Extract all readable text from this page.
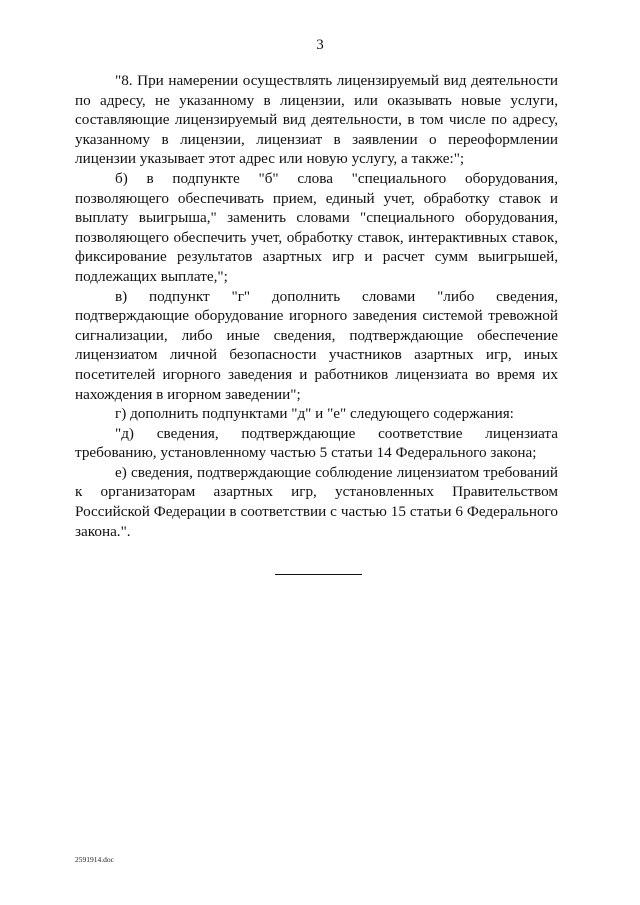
3

"8. При намерении осуществлять лицензируемый вид деятельности по адресу, не указанному в лицензии, или оказывать новые услуги, составляющие лицензируемый вид деятельности, в том числе по адресу, указанному в лицензии, лицензиат в заявлении о переоформлении лицензии указывает этот адрес или новую услугу, а также:";

б) в подпункте "б" слова "специального оборудования, позволяющего обеспечивать прием, единый учет, обработку ставок и выплату выигрыша," заменить словами "специального оборудования, позволяющего обеспечить учет, обработку ставок, интерактивных ставок, фиксирование результатов азартных игр и расчет сумм выигрышей, подлежащих выплате,";

в) подпункт "г" дополнить словами "либо сведения, подтверждающие оборудование игорного заведения системой тревожной сигнализации, либо иные сведения, подтверждающие обеспечение лицензиатом личной безопасности участников азартных игр, иных посетителей игорного заведения и работников лицензиата во время их нахождения в игорном заведении";

г) дополнить подпунктами "д" и "е" следующего содержания:

"д) сведения, подтверждающие соответствие лицензиата требованию, установленному частью 5 статьи 14 Федерального закона;

е) сведения, подтверждающие соблюдение лицензиатом требований к организаторам азартных игр, установленных Правительством Российской Федерации в соответствии с частью 15 статьи 6 Федерального закона.".

2591914.doc
